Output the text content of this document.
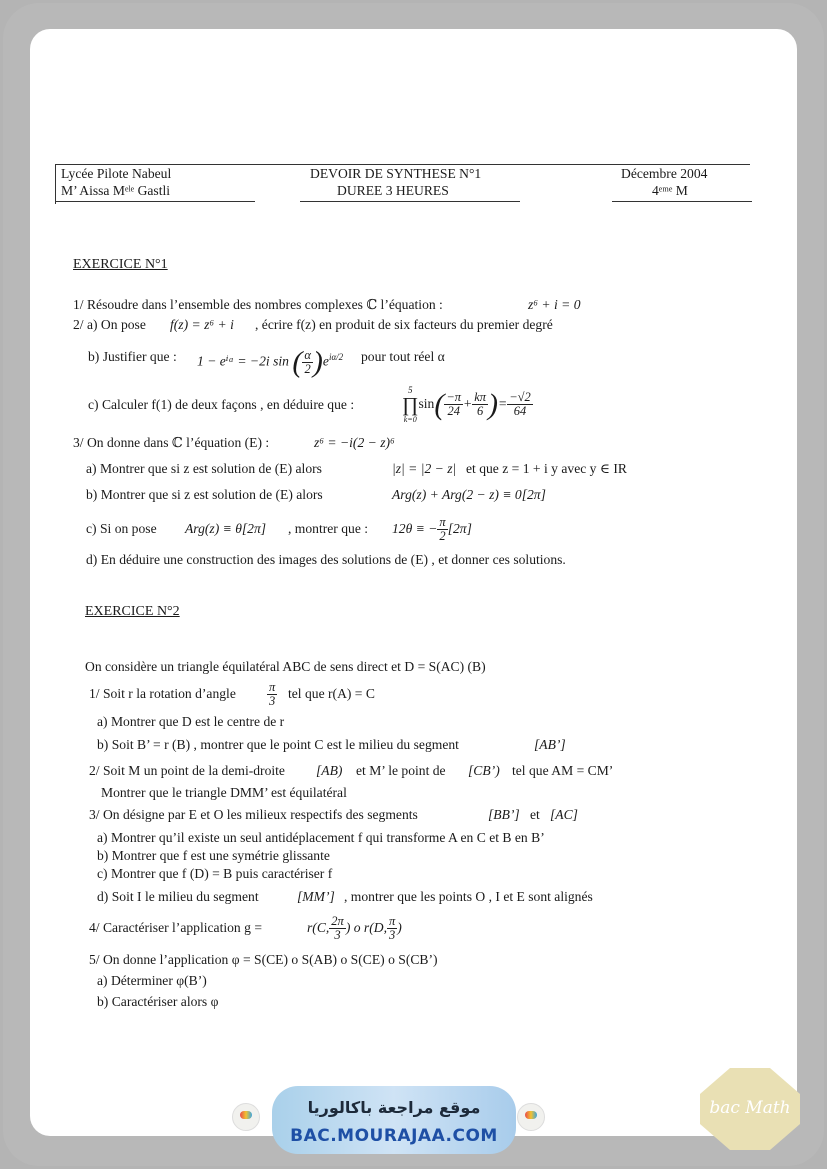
Lycée Pilote Nabeul
M’ Aissa Mᵉˡᵉ Gastli
DEVOIR DE SYNTHESE N°1
DUREE 3 HEURES
Décembre 2004
4ᵉᵐᵉ M
EXERCICE N°1
1/ Résoudre dans l’ensemble des nombres complexes ℂ l’équation :	z⁶ + i = 0
2/ a) On pose f(z) = z⁶ + i , écrire f(z) en produit de six facteurs du premier degré
b) Justifier que : 1 − eⁱᵅ = −2i sin ( $\frac{\alpha}{2} )e^{i\alpha/2}$ pour tout réel α
c) Calculer f(1) de deux façons , en déduire que :
5
∏
k=0
$\sin( \frac{-\pi}{24} + \frac{k\pi}{6}$ )= $\frac{-√2}{64}$
3/ On donne dans ℂ l’équation (E) :	z⁶ = −i(2 − z)⁶
a) Montrer que si z est solution de (E) alors	|z| = |2 − z| et que z = 1 + i y avec y ∈ IR
b) Montrer que si z est solution de (E) alors	Arg(z) + Arg(2 − z) ≡ 0[2π]
c) Si on pose Arg(z) ≡ θ[2π] , montrer que : 12θ ≡ − $\frac{\pi}{2} [2\pi]$
d) En déduire une construction des images des solutions de (E) , et donner ces solutions.
EXERCICE N°2
On considère un triangle équilatéral ABC de sens direct et D = S(AC) (B)
1/ Soit r la rotation d’angle $\frac{\pi}{3}$ tel que r(A) = C
a) Montrer que D est le centre de r
b) Soit B’ = r (B) , montrer que le point C est le milieu du segment	[AB’]
2/ Soit M un point de la demi-droite [AB) et M’ le point de [CB’) tel que AM = CM’
Montrer que le triangle DMM’ est équilatéral
3/ On désigne par E et O les milieux respectifs des segments	[BB’] et [AC]
a) Montrer qu’il existe un seul antidéplacement f qui transforme A en C et B en B’
b) Montrer que f est une symétrie glissante
c) Montrer que f (D) = B puis caractériser f
d) Soit I le milieu du segment	[MM’] , montrer que les points O , I et E sont alignés
4/ Caractériser l’application g =	r(C, $\frac{2\pi}{3}$ ) o r(D, $\frac{\pi}{3}$ )
5/ On donne l’application φ = S(CE) o S(AB) o S(CE) o S(CB’)
a) Déterminer φ(B’)
b) Caractériser alors φ
موقع مراجعة باكالوريا
BAC.MOURAJAA.COM
bac Math
